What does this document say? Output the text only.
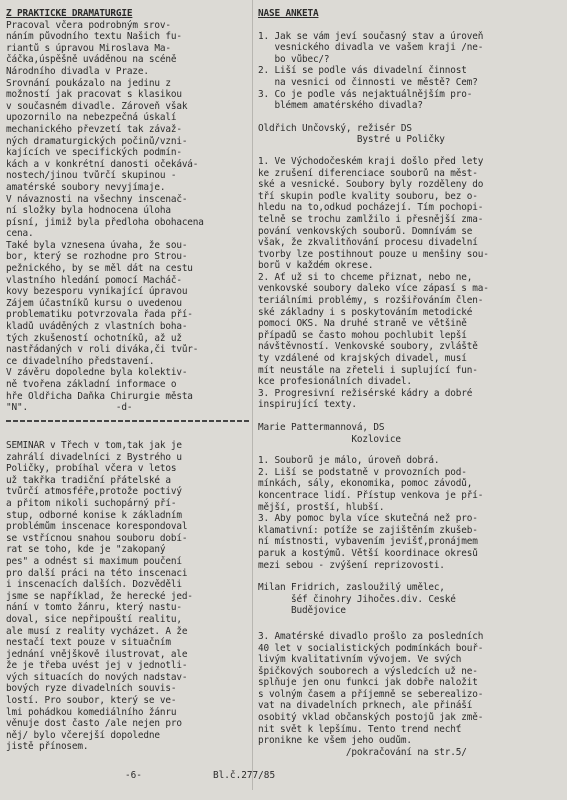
Z PRAKTICKÉ DRAMATURGIE
Pracoval včera podrobným srov-
náním původního textu Našich fu-
riantů s úpravou Miroslava Ma-
čáčka,úspěšně uváděnou na scéně
Národního divadla v Praze.
Srovnání poukázalo na jedinu z
možností jak pracovat s klasikou
v současném divadle. Zároveň však
upozornilo na nebezpečná úskalí
mechanického převzetí tak závaž-
ných dramaturgických počinů/vzni-
kajících ve specifických podmín-
kách a v konkrétní danosti očekává-
nostech/jinou tvůrčí skupinou -
amatérské soubory nevyjímaje.
V návaznosti na všechny inscenač-
ní složky byla hodnocena úloha
písní, jimiž byla předloha obohacena
cena.
Také byla vznesena úvaha, že sou-
bor, který se rozhodne pro Strou-
pežnického, by se měl dát na cestu
vlastního hledání pomocí Macháč-
kovy bezesporu vynikající úpravou
Zájem účastníků kursu o uvedenou
problematiku potvrzovala řada pří-
kladů uváděných z vlastních boha-
tých zkušeností ochotníků, až už
nastřádaných v roli diváka,či tvůr-
ce divadelního představení.
V závěru dopoledne byla kolektiv-
ně tvořena základní informace o
hře Oldřicha Daňka Chirurgie města
"N".                -d-
SEMINÁŘ v Třech v tom,tak jak je
zahrálí divadelníci z Bystrého u
Poličky, probíhal včera v letos
už takřka tradiční přátelské a
tvůrčí atmosféře,protože poctivý
a přitom nikoli suchopárný pří-
stup, odborné konise k základním
problémům inscenace korespondoval
se vstřícnou snahou souboru dobí-
rat se toho, kde je "zakopaný
pes" a odnést si maximum poučení
pro další práci na této inscenaci
i inscenacích dalších. Dozvěděli
jsme se například, že herecké jed-
nání v tomto žánru, který nastu-
doval, sice nepřipouští realitu,
ale musí z reality vycházet. A že
nestačí text pouze v situačním
jednání vnějškově ilustrovat, ale
že je třeba uvést jej v jednotli-
vých situacích do nových nadstav-
bových ryze divadelních souvis-
lostí. Pro soubor, který se ve-
lmi pohádkou komediálního žánru
věnuje dost často /ale nejen pro
něj/ bylo včerejší dopoledne
jistě přínosem.
NAŠE ANKETA
1. Jak se vám jeví současný stav a úroveň
vesnického divadla ve vašem kraji /ne-
bo vůbec/?
2. Liší se podle vás divadelní činnost
na vesnici od činnosti ve městě? Čem?
3. Co je podle vás nejaktuálnějším pro-
blémem amatérského divadla?
Oldřich Unčovský, režisér DS
Bystré u Poličky
1. Ve Východočeském kraji došlo před lety
ke zrušení diferenciace souborů na měst-
ské a vesnické. Soubory byly rozděleny do
tří skupin podle kvality souboru, bez o-
hledu na to,odkud pocházejí. Tím pochopi-
telně se trochu zamlžilo i přesnější zma-
pování venkovských souborů. Domnívám se
však, že zkvalitňování procesu divadelní
tvorby lze postihnout pouze u menšiny sou-
borů v každém okrese.
2. Ať už si to chceme přiznat, nebo ne,
venkovské soubory daleko více zápasí s ma-
teriálními problémy, s rozšiřováním člen-
ské základny i s poskytováním metodické
pomoci OKS. Na druhé straně ve většině
případů se často mohou pochlubit lepší
návštěvností. Venkovské soubory, zvláště
ty vzdálené od krajských divadel, musí
mít neustále na zřeteli i suplující fun-
kce profesionálních divadel.
3. Progresivní režisérské kádry a dobré
inspirující texty.
Marie Pattermannová, DS
Kozlovice
1. Souborů je málo, úroveň dobrá.
2. Liší se podstatně v provozních pod-
mínkách, sály, ekonomika, pomoc závodů,
koncentrace lidí. Přístup venkova je pří-
mější, prostší, hlubší.
3. Aby pomoc byla více skutečná než pro-
klamativní: potíže se zajištěním zkušeb-
ní místnosti, vybavením jevišť,pronájmem
paruk a kostýmů. Větší koordinace okresů
mezi sebou - zvýšení reprizovosti.
Milan Fridrich, zasloužilý umělec,
šéf činohry Jihočes.div. České
Budějovice
3. Amatérské divadlo prošlo za posledních
40 let v socialistických podmínkách bouř-
livým kvalitativním vývojem. Ve svých
špičkových souborech a výsledcích už ne-
splňuje jen onu funkci jak dobře naložit
s volným časem a příjemně se seberealizo-
vat na divadelních prknech, ale přináší
osobitý vklad občanských postojů jak změ-
nit svět k lepšímu. Tento trend nechť
pronikne ke všem jeho oudům.
/pokračování na str.5/
-6-	Bl.č.277/85
